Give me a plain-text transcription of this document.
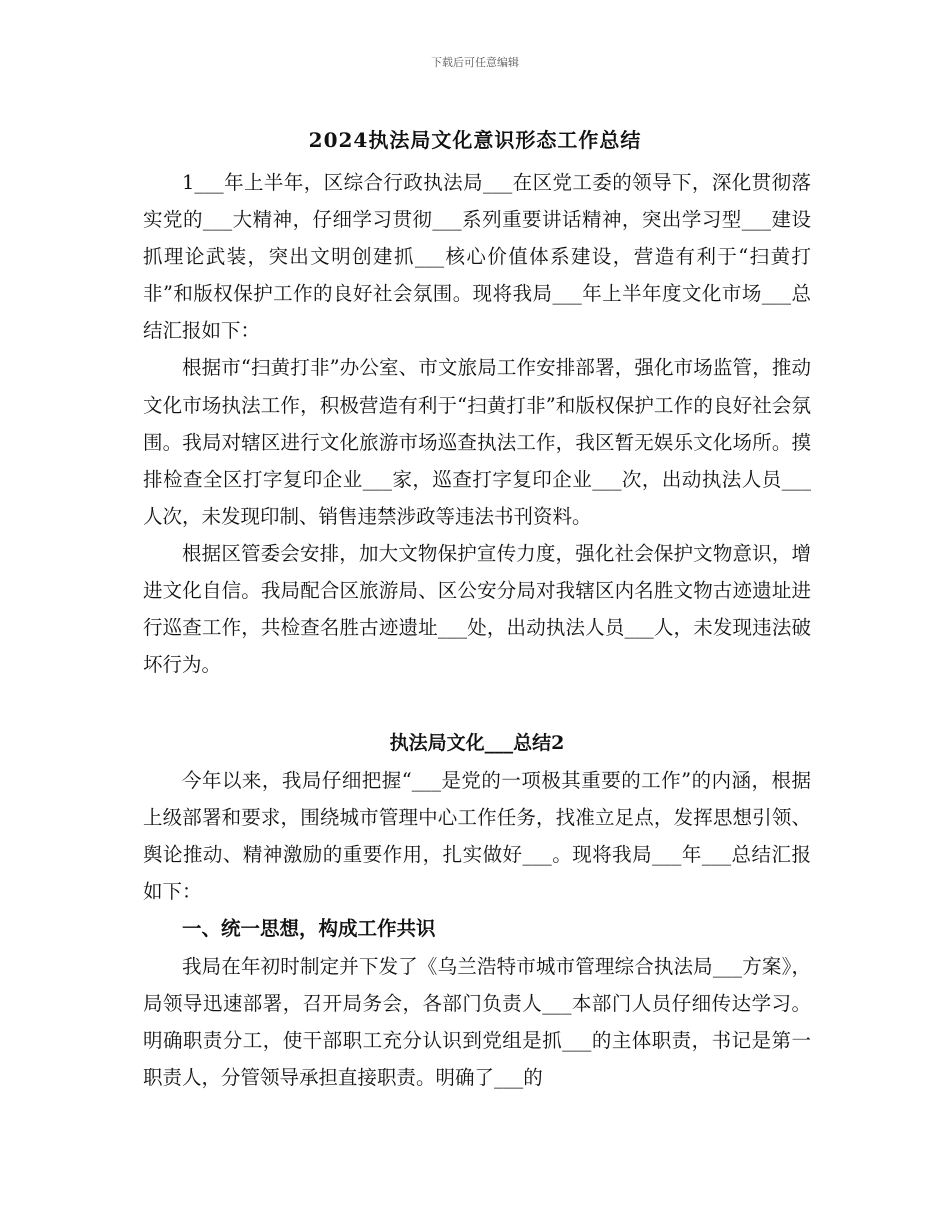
下载后可任意编辑
2024执法局文化意识形态工作总结

1___年上半年，区综合行政执法局___在区党工委的领导下，深化贯彻落实党的___大精神，仔细学习贯彻___系列重要讲话精神，突出学习型___建设抓理论武装，突出文明创建抓___核心价值体系建设，营造有利于“扫黄打非”和版权保护工作的良好社会氛围。现将我局___年上半年度文化市场___总结汇报如下：

根据市“扫黄打非”办公室、市文旅局工作安排部署，强化市场监管，推动文化市场执法工作，积极营造有利于“扫黄打非”和版权保护工作的良好社会氛围。我局对辖区进行文化旅游市场巡查执法工作，我区暂无娱乐文化场所。摸排检查全区打字复印企业___家，巡查打字复印企业___次，出动执法人员___人次，未发现印制、销售违禁涉政等违法书刊资料。

根据区管委会安排，加大文物保护宣传力度，强化社会保护文物意识，增进文化自信。我局配合区旅游局、区公安分局对我辖区内名胜文物古迹遗址进行巡查工作，共检查名胜古迹遗址___处，出动执法人员___人，未发现违法破坏行为。

执法局文化___总结2

今年以来，我局仔细把握“___是党的一项极其重要的工作”的内涵，根据上级部署和要求，围绕城市管理中心工作任务，找准立足点，发挥思想引领、舆论推动、精神激励的重要作用，扎实做好___。现将我局___年___总结汇报如下：

一、统一思想，构成工作共识

我局在年初时制定并下发了《乌兰浩特市城市管理综合执法局___方案》，局领导迅速部署，召开局务会，各部门负责人___本部门人员仔细传达学习。明确职责分工，使干部职工充分认识到党组是抓___的主体职责，书记是第一职责人，分管领导承担直接职责。明确了___的
